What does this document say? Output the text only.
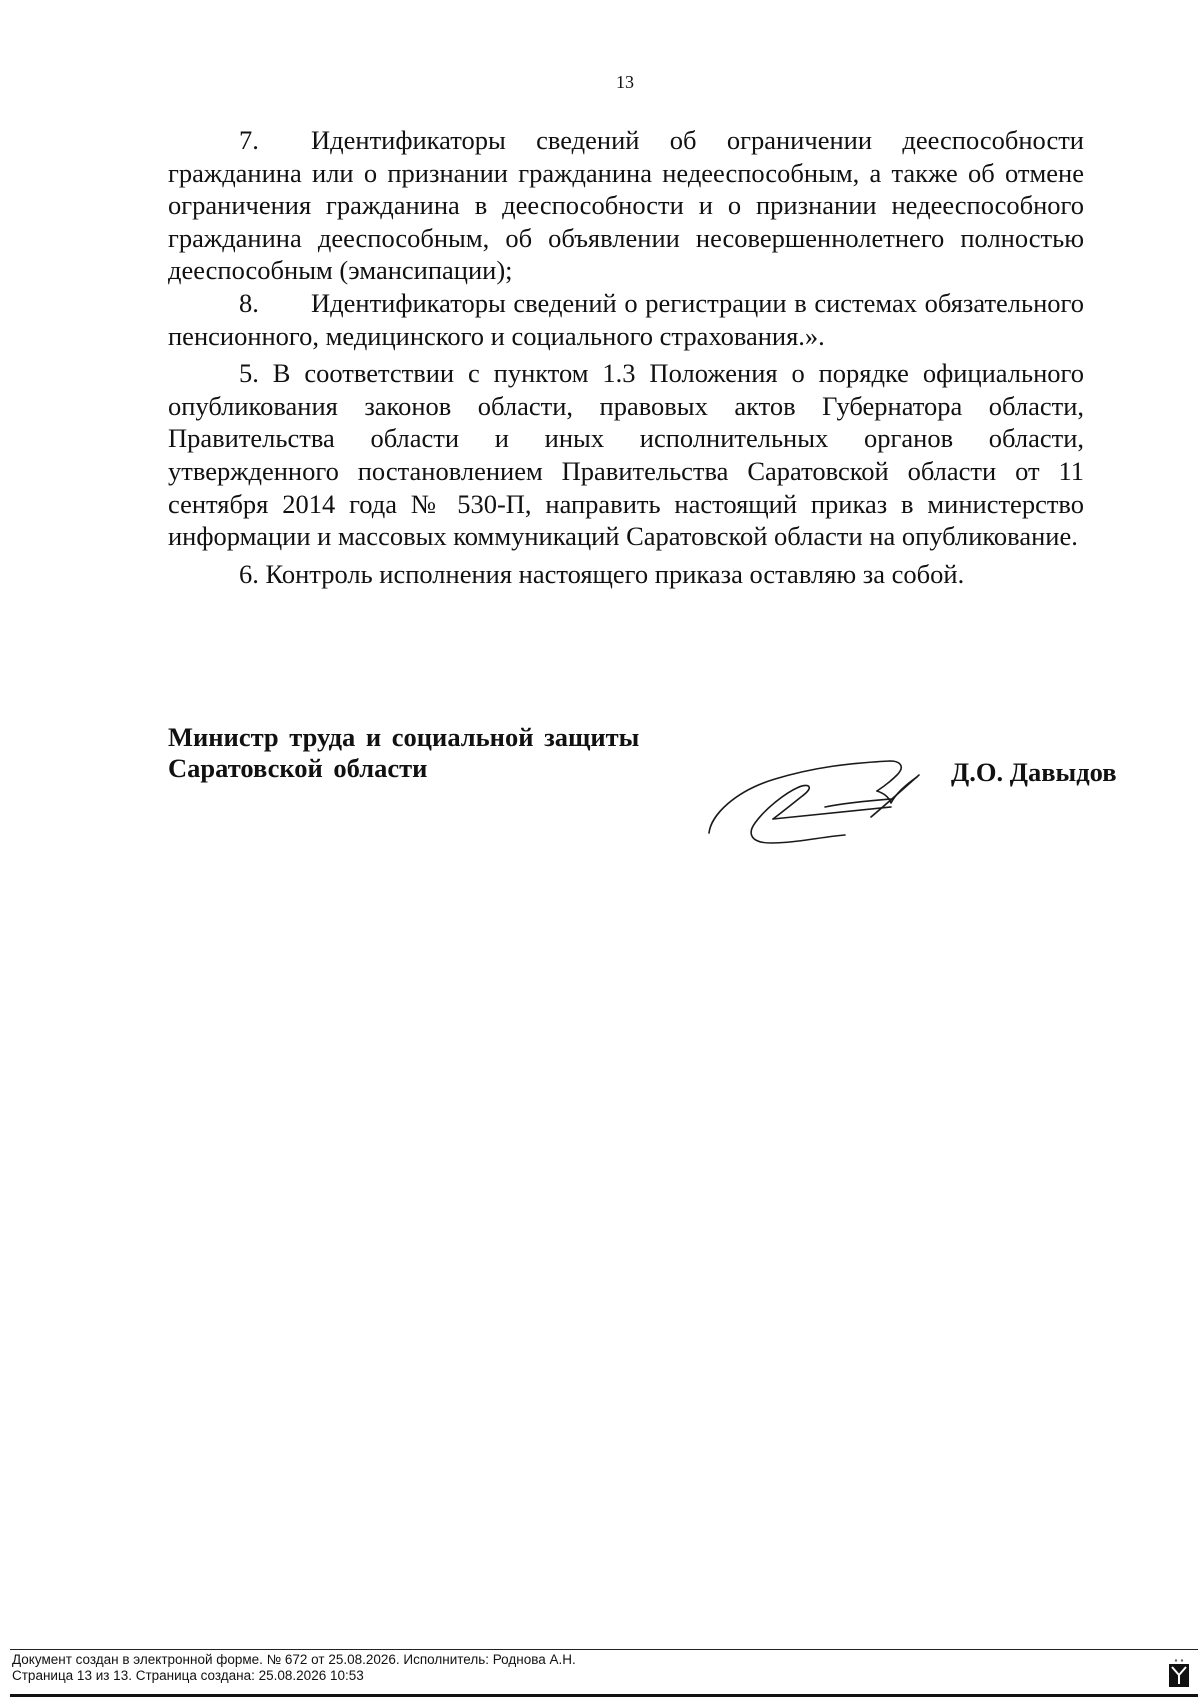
13

7. Идентификаторы сведений об ограничении дееспособности гражданина или о признании гражданина недееспособным, а также об отмене ограничения гражданина в дееспособности и о признании недееспособного гражданина дееспособным, об объявлении несовершеннолетнего полностью дееспособным (эмансипации);

8. Идентификаторы сведений о регистрации в системах обязательного пенсионного, медицинского и социального страхования.».

5. В соответствии с пунктом 1.3 Положения о порядке официального опубликования законов области, правовых актов Губернатора области, Правительства области и иных исполнительных органов области, утвержденного постановлением Правительства Саратовской области от 11 сентября 2014 года № 530-П, направить настоящий приказ в министерство информации и массовых коммуникаций Саратовской области на опубликование.

6. Контроль исполнения настоящего приказа оставляю за собой.

Министр труда и социальной защиты
Саратовской области	Д.О. Давыдов
Документ создан в электронной форме. № 672 от 25.08.2026. Исполнитель: Роднова А.Н.
Страница 13 из 13. Страница создана: 25.08.2026 10:53
